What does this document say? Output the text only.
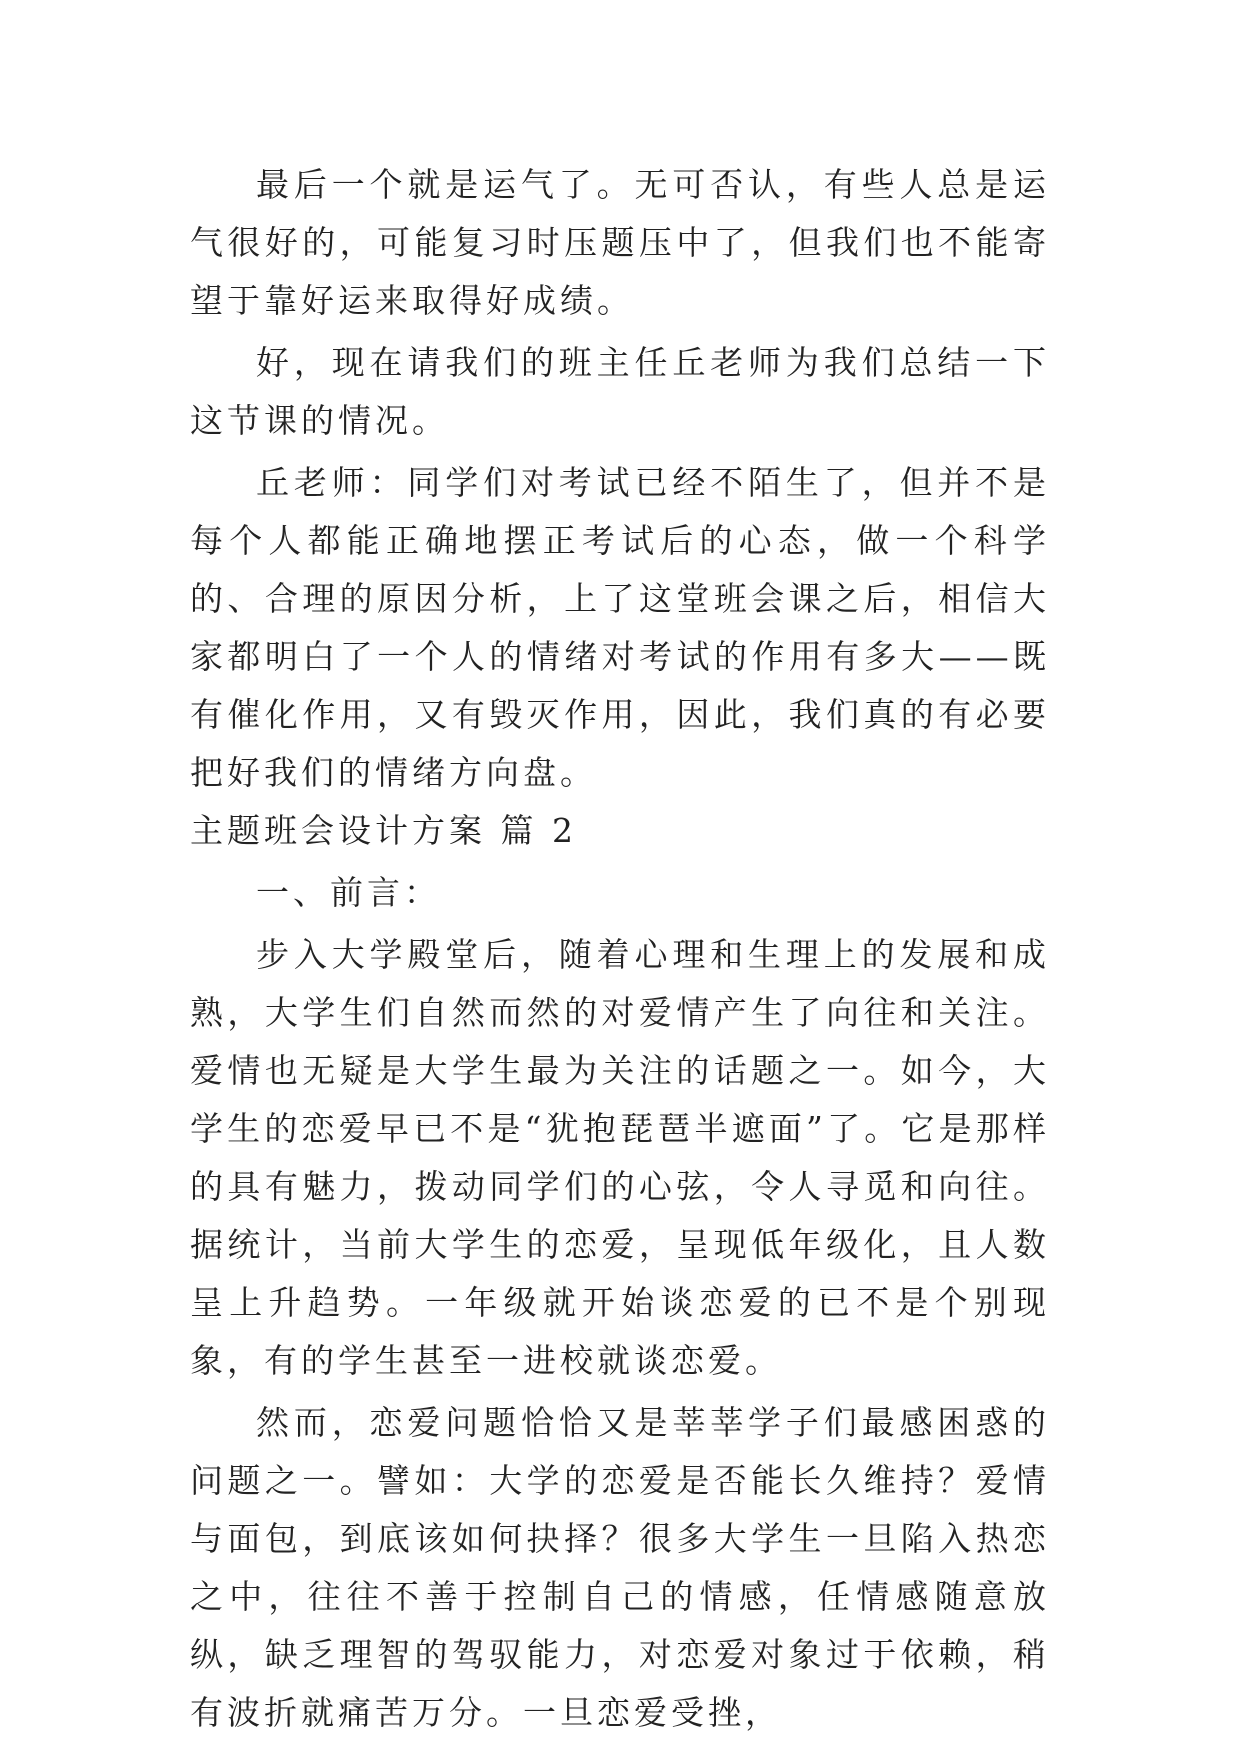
最后一个就是运气了。无可否认，有些人总是运气很好的，可能复习时压题压中了，但我们也不能寄望于靠好运来取得好成绩。

好，现在请我们的班主任丘老师为我们总结一下这节课的情况。

丘老师：同学们对考试已经不陌生了，但并不是每个人都能正确地摆正考试后的心态，做一个科学的、合理的原因分析，上了这堂班会课之后，相信大家都明白了一个人的情绪对考试的作用有多大——既有催化作用，又有毁灭作用，因此，我们真的有必要把好我们的情绪方向盘。

主题班会设计方案 篇 2

一、前言：

步入大学殿堂后，随着心理和生理上的发展和成熟，大学生们自然而然的对爱情产生了向往和关注。爱情也无疑是大学生最为关注的话题之一。如今，大学生的恋爱早已不是“犹抱琵琶半遮面”了。它是那样的具有魅力，拨动同学们的心弦，令人寻觅和向往。据统计，当前大学生的恋爱，呈现低年级化，且人数呈上升趋势。一年级就开始谈恋爱的已不是个别现象，有的学生甚至一进校就谈恋爱。

然而，恋爱问题恰恰又是莘莘学子们最感困惑的问题之一。譬如：大学的恋爱是否能长久维持？爱情与面包，到底该如何抉择？很多大学生一旦陷入热恋之中，往往不善于控制自己的情感，任情感随意放纵，缺乏理智的驾驭能力，对恋爱对象过于依赖，稍有波折就痛苦万分。一旦恋爱受挫，
